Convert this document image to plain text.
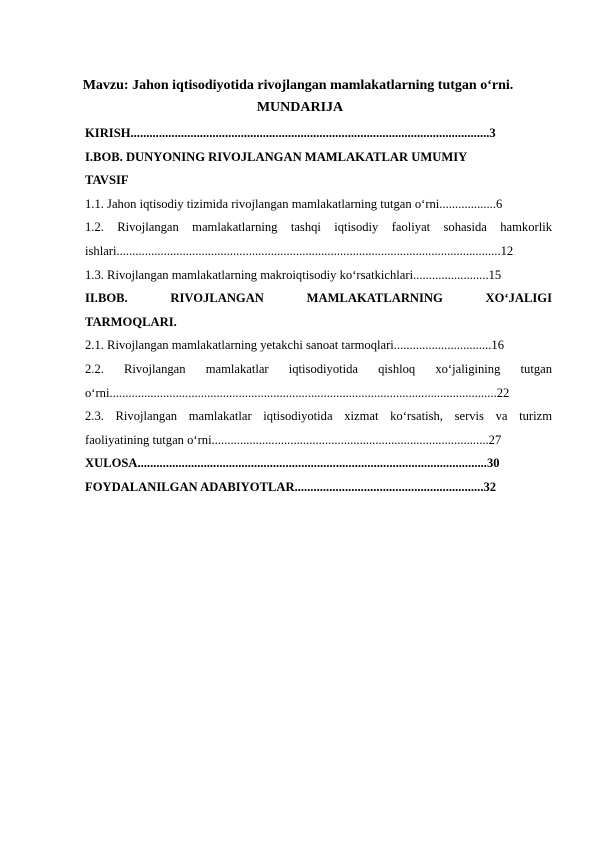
Mavzu: Jahon iqtisodiyotida rivojlangan mamlakatlarning tutgan o‘rni.
MUNDARIJA
KIRISH..................................................................................................................3
I.BOB. DUNYONING RIVOJLANGAN MAMLAKATLAR UMUMIY
TAVSIF
1.1. Jahon iqtisodiy tizimida rivojlangan mamlakatlarning tutgan o‘rni..................6
1.2. Rivojlangan mamlakatlarning tashqi iqtisodiy faoliyat sohasida hamkorlik
ishlari..........................................................................................................................12
1.3. Rivojlangan mamlakatlarning makroiqtisodiy ko‘rsatkichlari........................15
II.BOB. RIVOJLANGAN MAMLAKATLARNING XO‘JALIGI
TARMOQLARI.
2.1. Rivojlangan mamlakatlarning yetakchi sanoat tarmoqlari...............................16
2.2. Rivojlangan mamlakatlar iqtisodiyotida qishloq xo‘jaligining tutgan
o‘rni...........................................................................................................................22
2.3. Rivojlangan mamlakatlar iqtisodiyotida xizmat ko‘rsatish, servis va turizm
faoliyatining tutgan o‘rni........................................................................................27
XULOSA...............................................................................................................30
FOYDALANILGAN ADABIYOTLAR............................................................32
